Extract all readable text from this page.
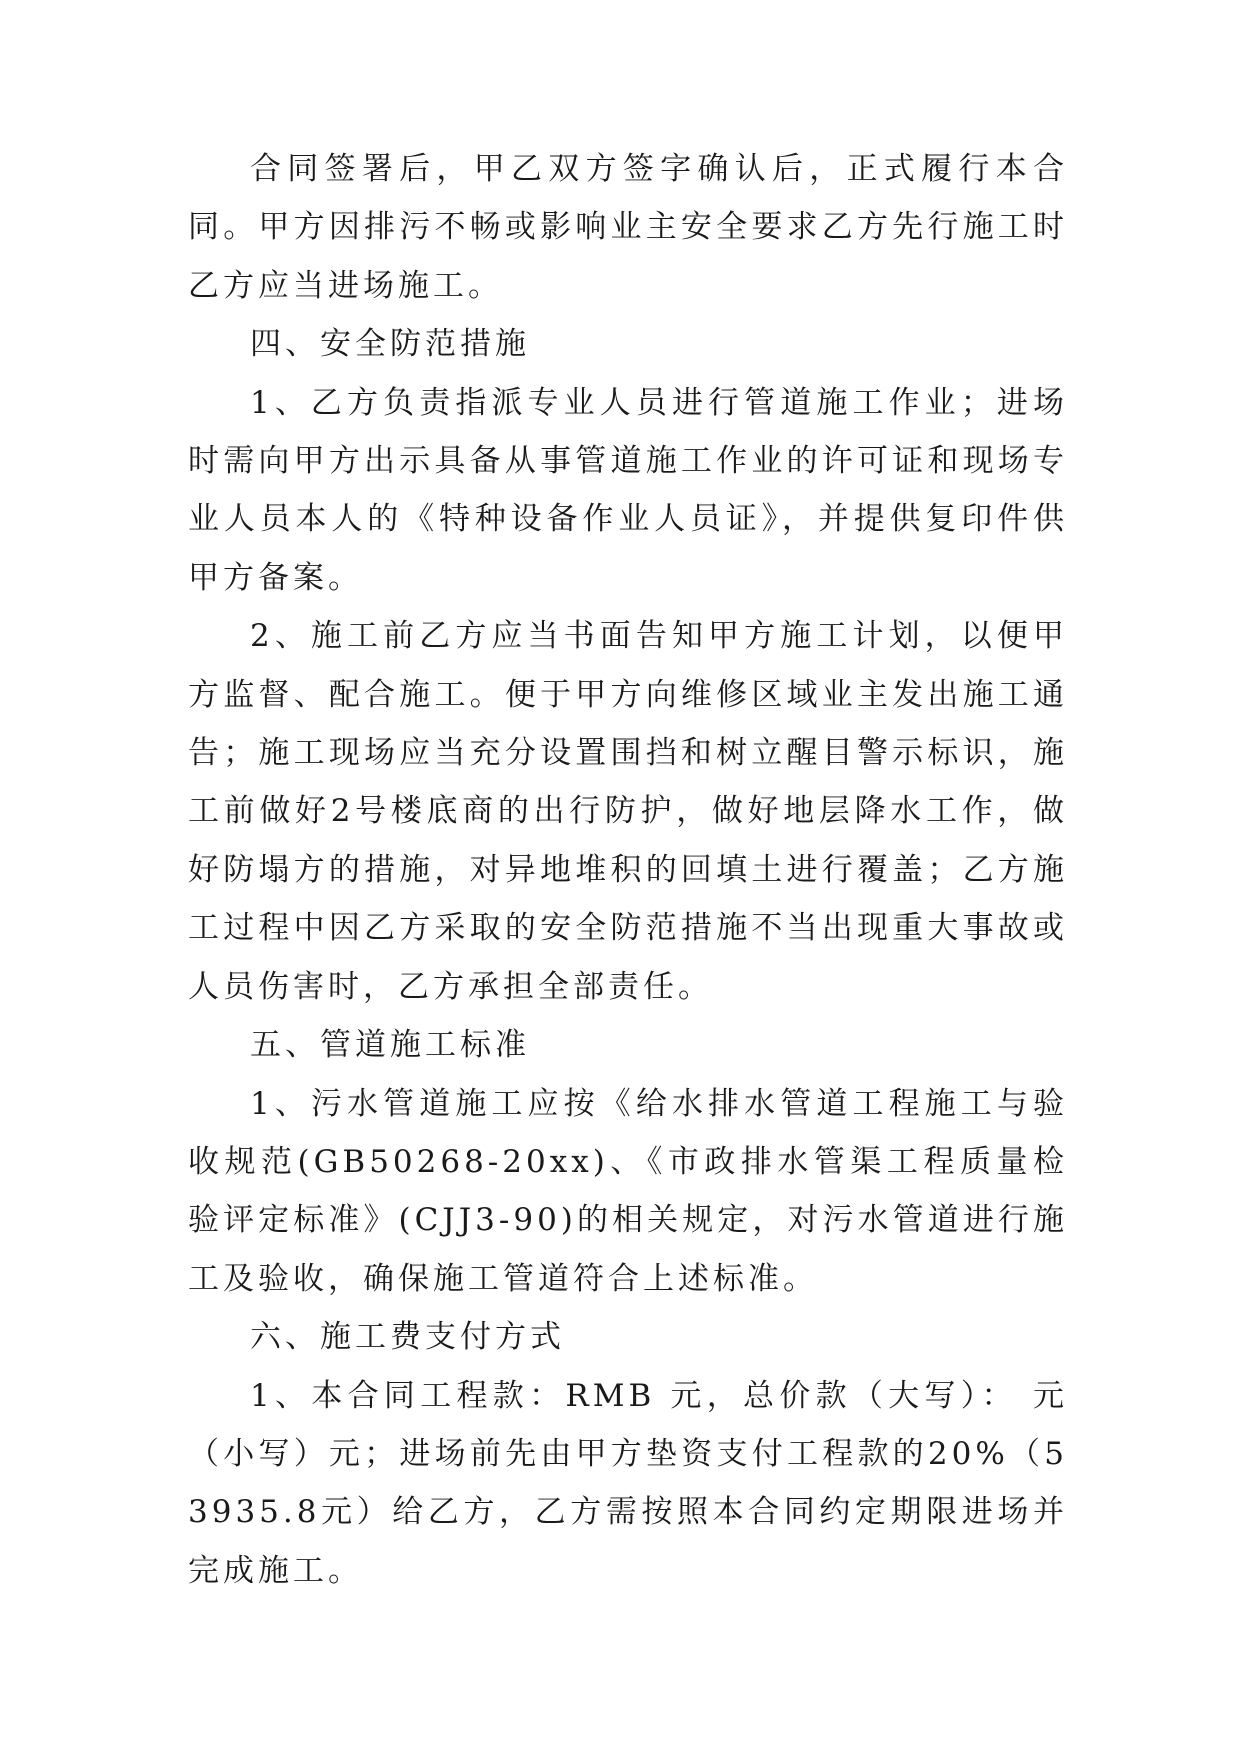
合同签署后，甲乙双方签字确认后，正式履行本合同。甲方因排污不畅或影响业主安全要求乙方先行施工时乙方应当进场施工。

四、安全防范措施

1、乙方负责指派专业人员进行管道施工作业；进场时需向甲方出示具备从事管道施工作业的许可证和现场专业人员本人的《特种设备作业人员证》，并提供复印件供甲方备案。

2、施工前乙方应当书面告知甲方施工计划，以便甲方监督、配合施工。便于甲方向维修区域业主发出施工通告；施工现场应当充分设置围挡和树立醒目警示标识，施工前做好2号楼底商的出行防护，做好地层降水工作，做好防塌方的措施，对异地堆积的回填土进行覆盖；乙方施工过程中因乙方采取的安全防范措施不当出现重大事故或人员伤害时，乙方承担全部责任。

五、管道施工标准

1、污水管道施工应按《给水排水管道工程施工与验收规范(GB50268-20xx)、《市政排水管渠工程质量检验评定标准》(CJJ3-90)的相关规定，对污水管道进行施工及验收，确保施工管道符合上述标准。

六、施工费支付方式

1、本合同工程款：RMB 元，总价款（大写）： 元 （小写）元；进场前先由甲方垫资支付工程款的20%（53935.8元）给乙方，乙方需按照本合同约定期限进场并完成施工。
